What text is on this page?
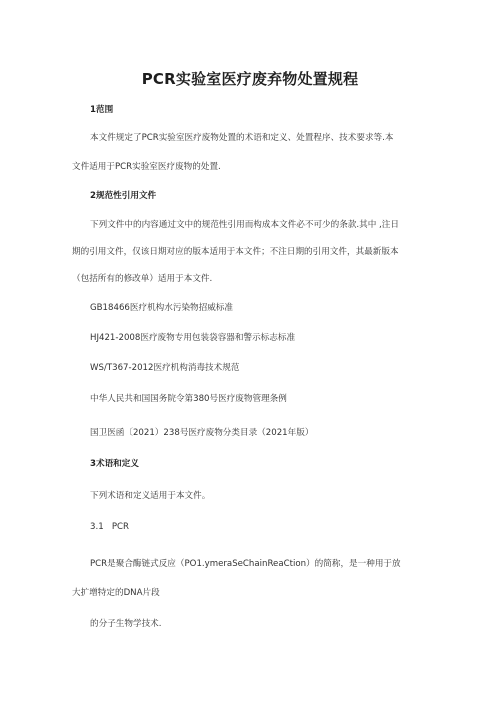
PCR实验室医疗废弃物处置规程
1范围
本文件规定了PCR实验室医疗废物处置的术语和定义、处置程序、技术要求等.本
文件适用于PCR实验室医疗废物的处置.
2规范性引用文件
下列文件中的内容通过文中的规范性引用而构成本文件必不可少的条款.其中 ,注日
期的引用文件，仅该日期对应的版本适用于本文件；不注日期的引用文件，其最新版本
（包括所有的修改单）适用于本文件.
GB18466医疗机构水污染物招威标准
HJ421-2008医疗废物专用包装袋容器和警示标志标准
WS/T367-2012医疗机构消毒技术规范
中华人民共和国国务院令第380号医疗废物管理条例
国卫医函〔2021）238号医疗废物分类目录（2021年版）
3术语和定义
下列术语和定义适用于本文件。
3.1   PCR
PCR是聚合酶链式反应（PO1.ymeraSeChainReaCtion）的简称，是一种用于放
大扩增特定的DNA片段
的分子生物学技术.
